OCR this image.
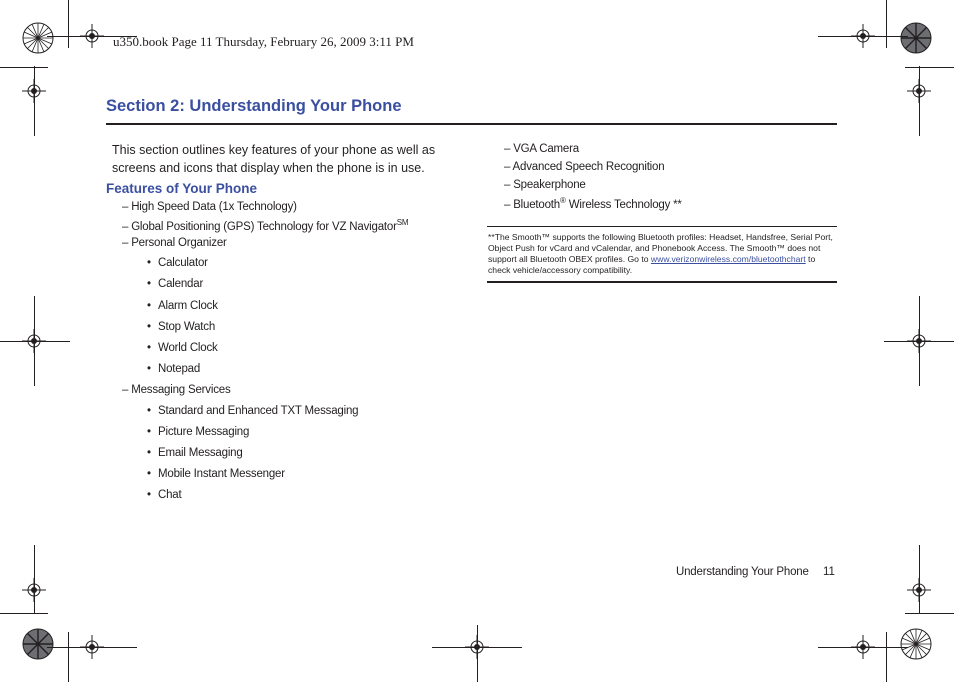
u350.book Page 11 Thursday, February 26, 2009 3:11 PM
Section 2: Understanding Your Phone
This section outlines key features of your phone as well as screens and icons that display when the phone is in use.
Features of Your Phone
– High Speed Data (1x Technology)
– Global Positioning (GPS) Technology for VZ Navigator℠
– Personal Organizer
• Calculator
• Calendar
• Alarm Clock
• Stop Watch
• World Clock
• Notepad
– Messaging Services
• Standard and Enhanced TXT Messaging
• Picture Messaging
• Email Messaging
• Mobile Instant Messenger
• Chat
– VGA Camera
– Advanced Speech Recognition
– Speakerphone
– Bluetooth® Wireless Technology **
**The Smooth™ supports the following Bluetooth profiles: Headset, Handsfree, Serial Port, Object Push for vCard and vCalendar, and Phonebook Access. The Smooth™ does not support all Bluetooth OBEX profiles. Go to www.verizonwireless.com/bluetoothchart to check vehicle/accessory compatibility.
Understanding Your Phone 11
